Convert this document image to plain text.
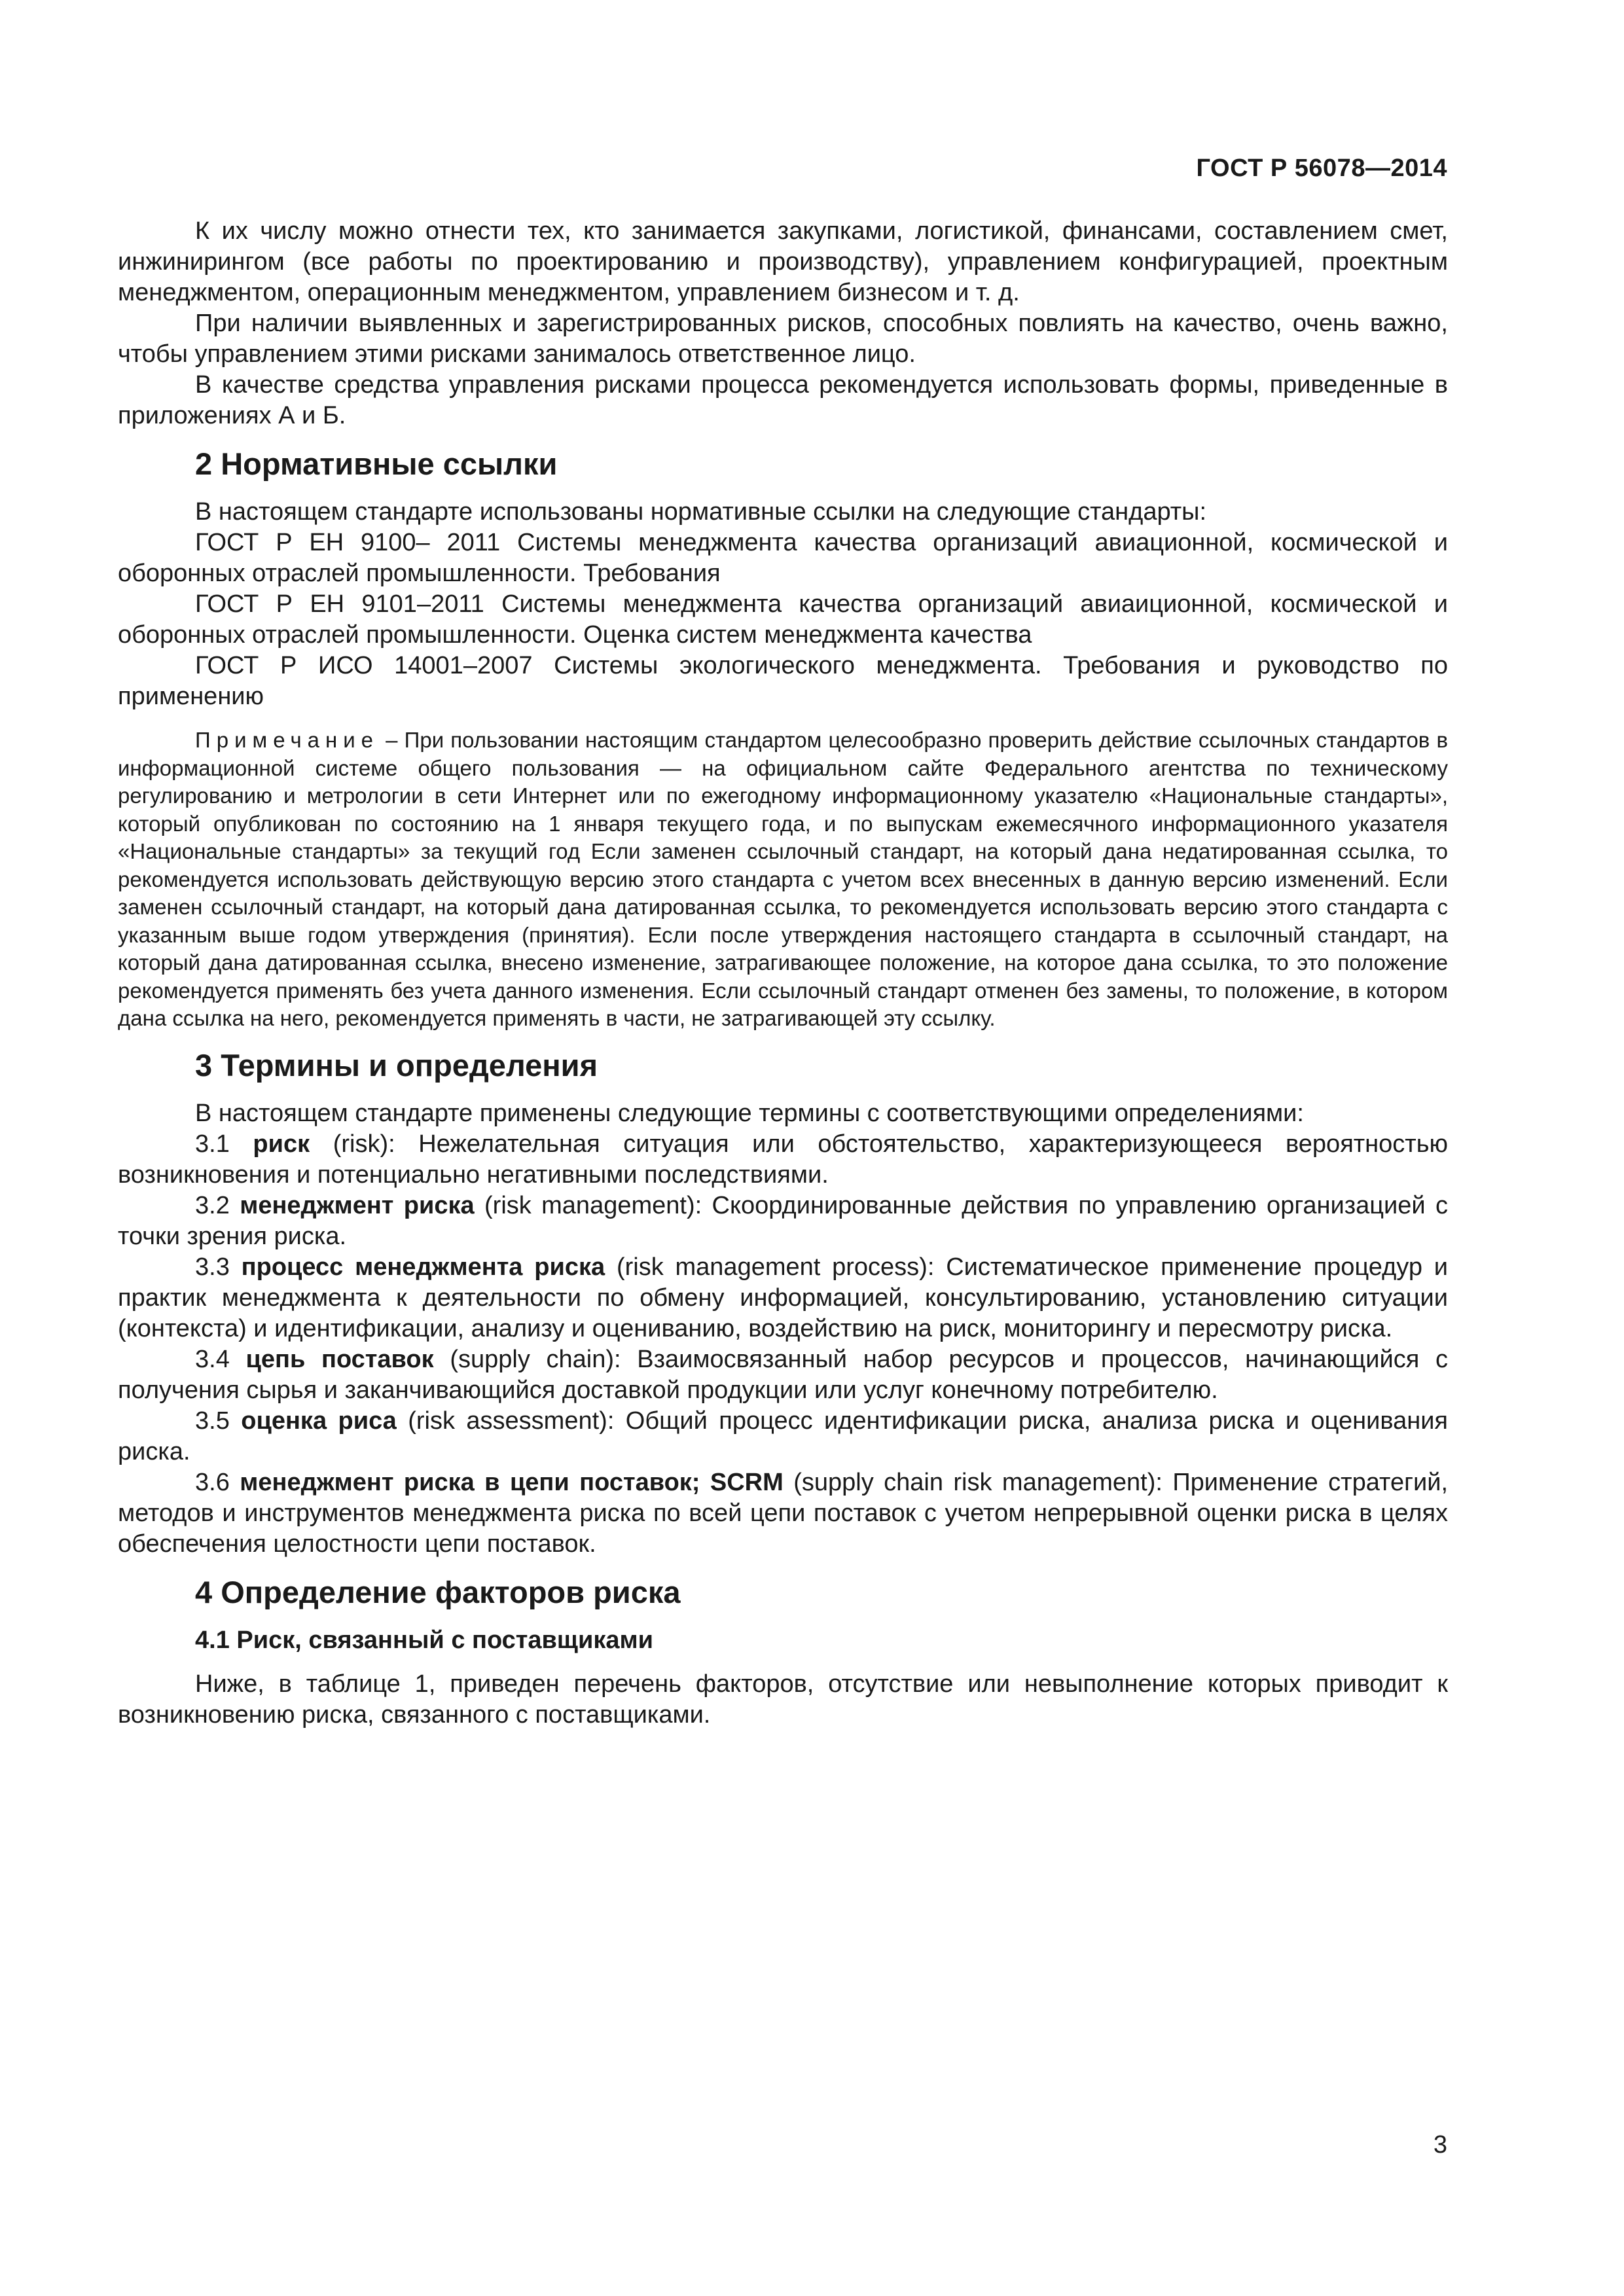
ГОСТ Р 56078—2014

К их числу можно отнести тех, кто занимается закупками, логистикой, финансами, составлением смет, инжинирингом (все работы по проектированию и производству), управлением конфигурацией, проектным менеджментом, операционным менеджментом, управлением бизнесом и т. д.

При наличии выявленных и зарегистрированных рисков, способных повлиять на качество, очень важно, чтобы управлением этими рисками занималось ответственное лицо.

В качестве средства управления рисками процесса рекомендуется использовать формы, приведенные в приложениях А и Б.

2 Нормативные ссылки

В настоящем стандарте использованы нормативные ссылки на следующие стандарты:

ГОСТ Р ЕН 9100‒ 2011 Системы менеджмента качества организаций авиационной, космической и оборонных отраслей промышленности. Требования

ГОСТ Р ЕН 9101–2011 Системы менеджмента качества организаций авиаиционной, космической и оборонных отраслей промышленности. Оценка систем менеджмента качества

ГОСТ Р ИСО 14001–2007 Системы экологического менеджмента. Требования и руководство по применению

Примечание – При пользовании настоящим стандартом целесообразно проверить действие ссылочных стандартов в информационной системе общего пользования — на официальном сайте Федерального агентства по техническому регулированию и метрологии в сети Интернет или по ежегодному информационному указателю «Национальные стандарты», который опубликован по состоянию на 1 января текущего года, и по выпускам ежемесячного информационного указателя «Национальные стандарты» за текущий год Если заменен ссылочный стандарт, на который дана недатированная ссылка, то рекомендуется использовать действующую версию этого стандарта с учетом всех внесенных в данную версию изменений. Если заменен ссылочный стандарт, на который дана датированная ссылка, то рекомендуется использовать версию этого стандарта с указанным выше годом утверждения (принятия). Если после утверждения настоящего стандарта в ссылочный стандарт, на который дана датированная ссылка, внесено изменение, затрагивающее положение, на которое дана ссылка, то это положение рекомендуется применять без учета данного изменения. Если ссылочный стандарт отменен без замены, то положение, в котором дана ссылка на него, рекомендуется применять в части, не затрагивающей эту ссылку.
3 Термины и определения

В настоящем стандарте применены следующие термины с соответствующими определениями:

3.1 риск (risk): Нежелательная ситуация или обстоятельство, характеризующееся вероятностью возникновения и потенциально негативными последствиями.

3.2 менеджмент риска (risk management): Скоординированные действия по управлению организацией с точки зрения риска.

3.3 процесс менеджмента риска (risk management process): Систематическое применение процедур и практик менеджмента к деятельности по обмену информацией, консультированию, установлению ситуации (контекста) и идентификации, анализу и оцениванию, воздействию на риск, мониторингу и пересмотру риска.

3.4 цепь поставок (supply chain): Взаимосвязанный набор ресурсов и процессов, начинающийся с получения сырья и заканчивающийся доставкой продукции или услуг конечному потребителю.

3.5 оценка риса (risk assessment): Общий процесс идентификации риска, анализа риска и оценивания риска.

3.6 менеджмент риска в цепи поставок; SCRM (supply chain risk management): Применение стратегий, методов и инструментов менеджмента риска по всей цепи поставок с учетом непрерывной оценки риска в целях обеспечения целостности цепи поставок.

4 Определение факторов риска
4.1 Риск, связанный с поставщиками

Ниже, в таблице 1, приведен перечень факторов, отсутствие или невыполнение которых приводит к возникновению риска, связанного с поставщиками.

3
